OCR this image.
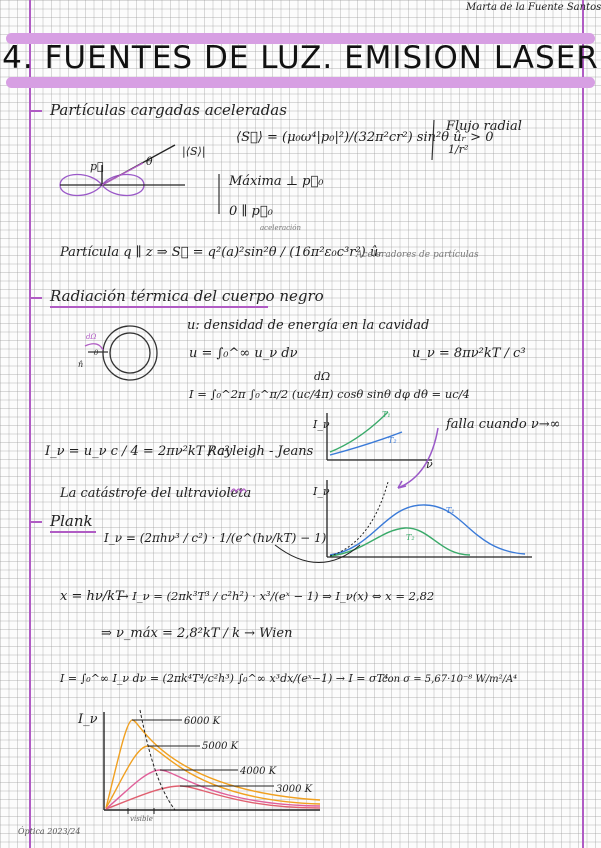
Marta de la Fuente Santos
4. FUENTES DE LUZ. EMISION LASER
Partículas cargadas aceleradas
⟨S⃗⟩ = (μ₀ω⁴|p₀|²)/(32π²cr²) sin²θ ûᵣ > 0
Flujo radial
1/r²
|⟨S⟩|
θ
p⃗
Máxima ⊥ p⃗₀
0 ∥ p⃗₀
Partícula q ∥ z ⇒ S⃗ = q²(a)²sin²θ / (16π²ε₀c³r²) ûᵣ
aceleración
Aceleradores de partículas
Radiación térmica del cuerpo negro
u: densidad de energía en la cavidad
u = ∫₀^∞ u_ν dν	u_ν = 8πν²kT / c³
I = ∫₀^2π ∫₀^π/2 (uc/4π) cosθ sinθ dφ dθ = uc/4
dΩ
dΩ
θ
n̂
I_ν = u_ν c / 4 = 2πν²kT / c²
Rayleigh - Jeans
falla cuando ν→∞
La catástrofe del ultravioleta
I_ν
ν
T₁
T₂
Plank
I_ν = (2πhν³ / c²) · 1/(e^(hν/kT) − 1)
I_ν
T₁
T₂
x = hν/kT
→ I_ν = (2πk³T³ / c²h²) · x³/(eˣ − 1) ⇒ I_ν(x) ⇔ x = 2,82
⇒ ν_máx = 2,8²kT / k → Wien
I = ∫₀^∞ I_ν dν = (2πk⁴T⁴/c²h³) ∫₀^∞ x³dx/(eˣ−1) → I = σT⁴
con σ = 5,67·10⁻⁸ W/m²/A⁴
I_ν	6000 K
5000 K
4000 K
3000 K
visible
Óptica 2023/24
